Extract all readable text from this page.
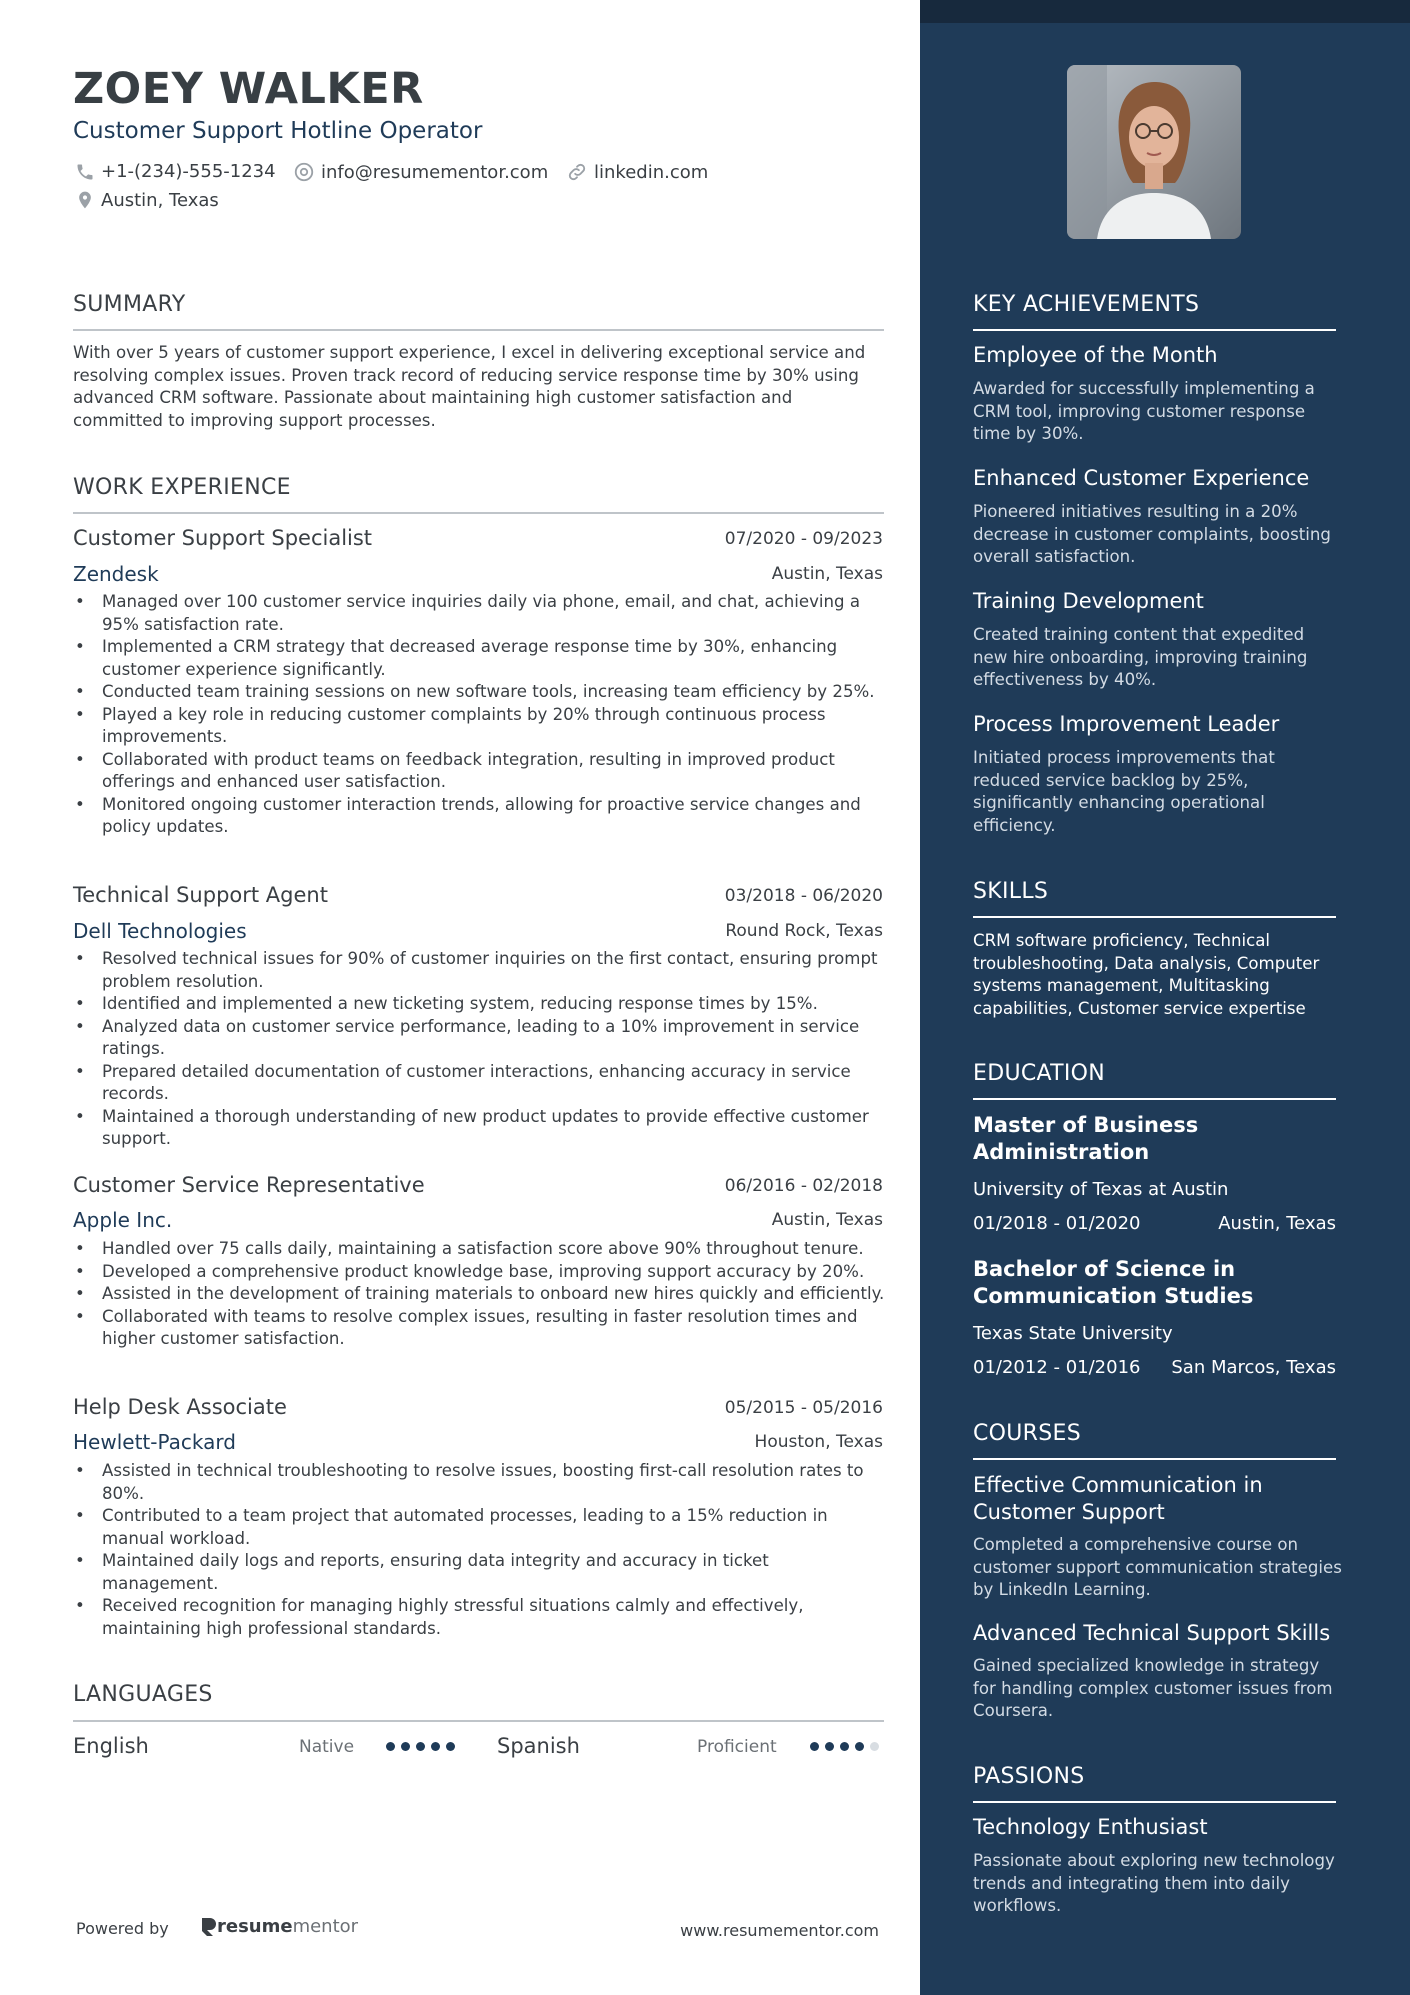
ZOEY WALKER
Customer Support Hotline Operator
+1-(234)-555-1234	info@resumementor.com	linkedin.com
Austin, Texas
SUMMARY
With over 5 years of customer support experience, I excel in delivering exceptional service and resolving complex issues. Proven track record of reducing service response time by 30% using advanced CRM software. Passionate about maintaining high customer satisfaction and committed to improving support processes.
WORK EXPERIENCE
Customer Support Specialist	07/2020 - 09/2023
Zendesk	Austin, Texas
• Managed over 100 customer service inquiries daily via phone, email, and chat, achieving a 95% satisfaction rate.
• Implemented a CRM strategy that decreased average response time by 30%, enhancing customer experience significantly.
• Conducted team training sessions on new software tools, increasing team efficiency by 25%.
• Played a key role in reducing customer complaints by 20% through continuous process improvements.
• Collaborated with product teams on feedback integration, resulting in improved product offerings and enhanced user satisfaction.
• Monitored ongoing customer interaction trends, allowing for proactive service changes and policy updates.
Technical Support Agent	03/2018 - 06/2020
Dell Technologies	Round Rock, Texas
• Resolved technical issues for 90% of customer inquiries on the first contact, ensuring prompt problem resolution.
• Identified and implemented a new ticketing system, reducing response times by 15%.
• Analyzed data on customer service performance, leading to a 10% improvement in service ratings.
• Prepared detailed documentation of customer interactions, enhancing accuracy in service records.
• Maintained a thorough understanding of new product updates to provide effective customer support.
Customer Service Representative	06/2016 - 02/2018
Apple Inc.	Austin, Texas
• Handled over 75 calls daily, maintaining a satisfaction score above 90% throughout tenure.
• Developed a comprehensive product knowledge base, improving support accuracy by 20%.
• Assisted in the development of training materials to onboard new hires quickly and efficiently.
• Collaborated with teams to resolve complex issues, resulting in faster resolution times and higher customer satisfaction.
Help Desk Associate	05/2015 - 05/2016
Hewlett-Packard	Houston, Texas
• Assisted in technical troubleshooting to resolve issues, boosting first-call resolution rates to 80%.
• Contributed to a team project that automated processes, leading to a 15% reduction in manual workload.
• Maintained daily logs and reports, ensuring data integrity and accuracy in ticket management.
• Received recognition for managing highly stressful situations calmly and effectively, maintaining high professional standards.
LANGUAGES
English	Native	Spanish	Proficient
Powered by	resume mentor	www.resumementor.com
KEY ACHIEVEMENTS
Employee of the Month
Awarded for successfully implementing a CRM tool, improving customer response time by 30%.
Enhanced Customer Experience
Pioneered initiatives resulting in a 20% decrease in customer complaints, boosting overall satisfaction.
Training Development
Created training content that expedited new hire onboarding, improving training effectiveness by 40%.
Process Improvement Leader
Initiated process improvements that reduced service backlog by 25%, significantly enhancing operational efficiency.
SKILLS
CRM software proficiency, Technical troubleshooting, Data analysis, Computer systems management, Multitasking capabilities, Customer service expertise
EDUCATION
Master of Business Administration
University of Texas at Austin
01/2018 - 01/2020	Austin, Texas
Bachelor of Science in Communication Studies
Texas State University
01/2012 - 01/2016 San Marcos, Texas
COURSES
Effective Communication in Customer Support
Completed a comprehensive course on customer support communication strategies by LinkedIn Learning.
Advanced Technical Support Skills
Gained specialized knowledge in strategy for handling complex customer issues from Coursera.
PASSIONS
Technology Enthusiast
Passionate about exploring new technology trends and integrating them into daily workflows.
